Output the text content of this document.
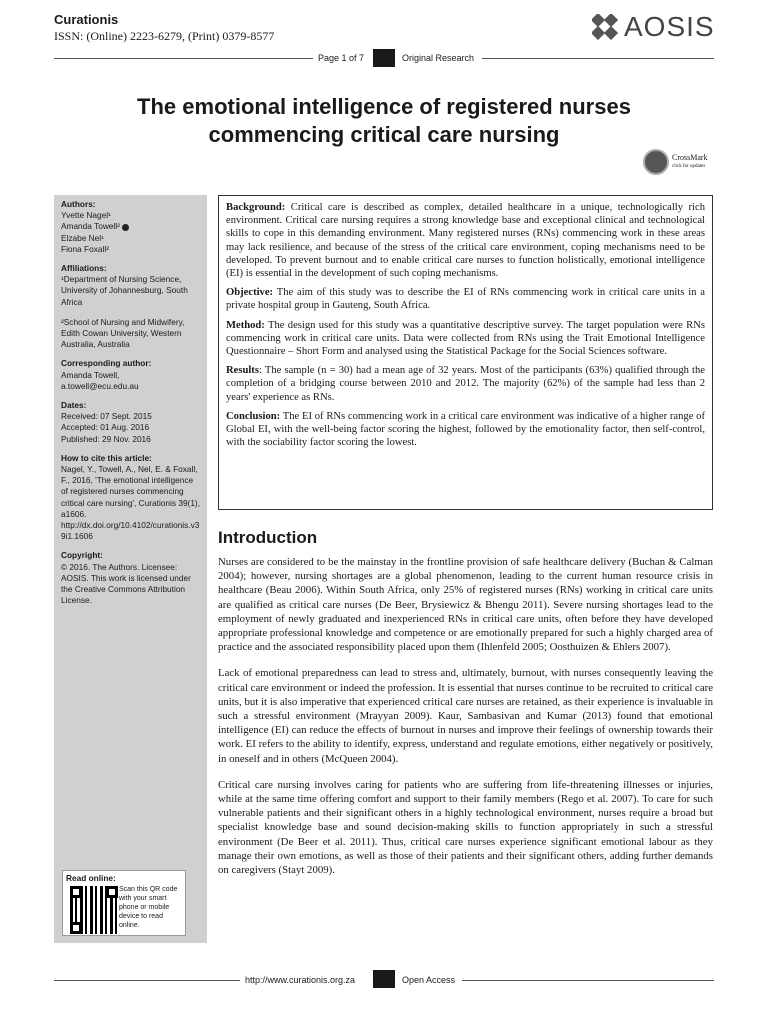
Curationis
ISSN: (Online) 2223-6279, (Print) 0379-8577	AOSIS
Page 1 of 7	Original Research
The emotional intelligence of registered nurses
commencing critical care nursing
CrossMark
click for updates
Authors:

Yvette Nagel¹

Amanda Towell²

Elzabe Nel¹

Fiona Foxall²

Affiliations:

¹Department of Nursing Science, University of Johannesburg, South Africa

²School of Nursing and Midwifery, Edith Cowan University, Western Australia, Australia

Corresponding author:

Amanda Towell,

a.towell@ecu.edu.au

Dates:

Received: 07 Sept. 2015

Accepted: 01 Aug. 2016

Published: 29 Nov. 2016

How to cite this article:

Nagel, Y., Towell, A., Nel, E. & Foxall, F., 2016, 'The emotional intelligence of registered nurses commencing critical care nursing', Curationis 39(1), a1606. http://dx.doi.org/10.4102/curationis.v39i1.1606

Copyright:

© 2016. The Authors. Licensee: AOSIS. This work is licensed under the Creative Commons Attribution License.

Read online:
Scan this QR code with your smart phone or mobile device to read online.

Background: Critical care is described as complex, detailed healthcare in a unique, technologically rich environment. Critical care nursing requires a strong knowledge base and exceptional clinical and technological skills to cope in this demanding environment. Many registered nurses (RNs) commencing work in these areas may lack resilience, and because of the stress of the critical care environment, coping mechanisms need to be developed. To prevent burnout and to enable critical care nurses to function holistically, emotional intelligence (EI) is essential in the development of such coping mechanisms.

Objective: The aim of this study was to describe the EI of RNs commencing work in critical care units in a private hospital group in Gauteng, South Africa.

Method: The design used for this study was a quantitative descriptive survey. The target population were RNs commencing work in critical care units. Data were collected from RNs using the Trait Emotional Intelligence Questionnaire – Short Form and analysed using the Statistical Package for the Social Sciences software.

Results: The sample (n = 30) had a mean age of 32 years. Most of the participants (63%) qualified through the completion of a bridging course between 2010 and 2012. The majority (62%) of the sample had less than 2 years' experience as RNs.

Conclusion: The EI of RNs commencing work in a critical care environment was indicative of a higher range of Global EI, with the well-being factor scoring the highest, followed by the emotionality factor, then self-control, with the sociability factor scoring the lowest.

Introduction

Nurses are considered to be the mainstay in the frontline provision of safe healthcare delivery (Buchan & Calman 2004); however, nursing shortages are a global phenomenon, leading to the current human resource crisis in healthcare (Beau 2006). Within South Africa, only 25% of registered nurses (RNs) working in critical care units are qualified as critical care nurses (De Beer, Brysiewicz & Bhengu 2011). Severe nursing shortages lead to the employment of newly graduated and inexperienced RNs in critical care units, often before they have developed appropriate professional knowledge and competence or are emotionally prepared for such a highly charged area of practice and the associated responsibility placed upon them (Ihlenfeld 2005; Oosthuizen & Ehlers 2007).

Lack of emotional preparedness can lead to stress and, ultimately, burnout, with nurses consequently leaving the critical care environment or indeed the profession. It is essential that nurses continue to be recruited to critical care units, but it is also imperative that experienced critical care nurses are retained, as their experience is invaluable in such a stressful environment (Mrayyan 2009). Kaur, Sambasivan and Kumar (2013) found that emotional intelligence (EI) can reduce the effects of burnout in nurses and improve their feelings of ownership towards their work. EI refers to the ability to identify, express, understand and regulate emotions, either negatively or positively, in oneself and in others (McQueen 2004).

Critical care nursing involves caring for patients who are suffering from life-threatening illnesses or injuries, while at the same time offering comfort and support to their family members (Rego et al. 2007). To care for such vulnerable patients and their significant others in a highly technological environment, nurses require a broad but specialist knowledge base and sound decision-making skills to function appropriately in such a stressful environment (De Beer et al. 2011). Thus, critical care nurses experience significant emotional labour as they manage their own emotions, as well as those of their patients and their significant others, adding further demands on caregivers (Stayt 2009).

http://www.curationis.org.za	Open Access
